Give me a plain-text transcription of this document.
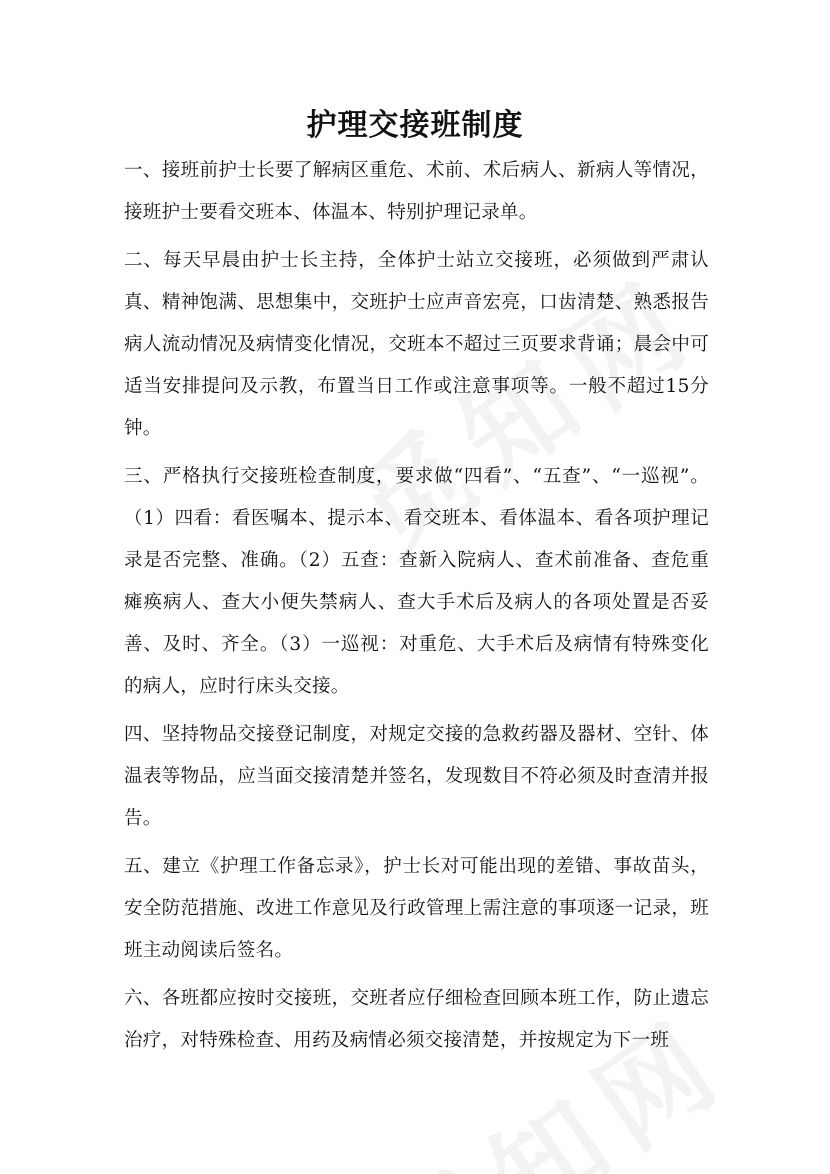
护理交接班制度

一、接班前护士长要了解病区重危、术前、术后病人、新病人等情况，接班护士要看交班本、体温本、特别护理记录单。

二、每天早晨由护士长主持，全体护士站立交接班，必须做到严肃认真、精神饱满、思想集中，交班护士应声音宏亮，口齿清楚、熟悉报告病人流动情况及病情变化情况，交班本不超过三页要求背诵；晨会中可适当安排提问及示教，布置当日工作或注意事项等。一般不超过15分钟。

三、严格执行交接班检查制度，要求做“四看”、“五查”、“一巡视”。（1）四看：看医嘱本、提示本、看交班本、看体温本、看各项护理记录是否完整、准确。（2）五查：查新入院病人、查术前准备、查危重瘫痪病人、查大小便失禁病人、查大手术后及病人的各项处置是否妥善、及时、齐全。（3）一巡视：对重危、大手术后及病情有特殊变化的病人，应时行床头交接。

四、坚持物品交接登记制度，对规定交接的急救药器及器材、空针、体温表等物品，应当面交接清楚并签名，发现数目不符必须及时查清并报告。

五、建立《护理工作备忘录》，护士长对可能出现的差错、事故苗头，安全防范措施、改进工作意见及行政管理上需注意的事项逐一记录，班班主动阅读后签名。

六、各班都应按时交接班，交班者应仔细检查回顾本班工作，防止遗忘治疗，对特殊检查、用药及病情必须交接清楚，并按规定为下一班
